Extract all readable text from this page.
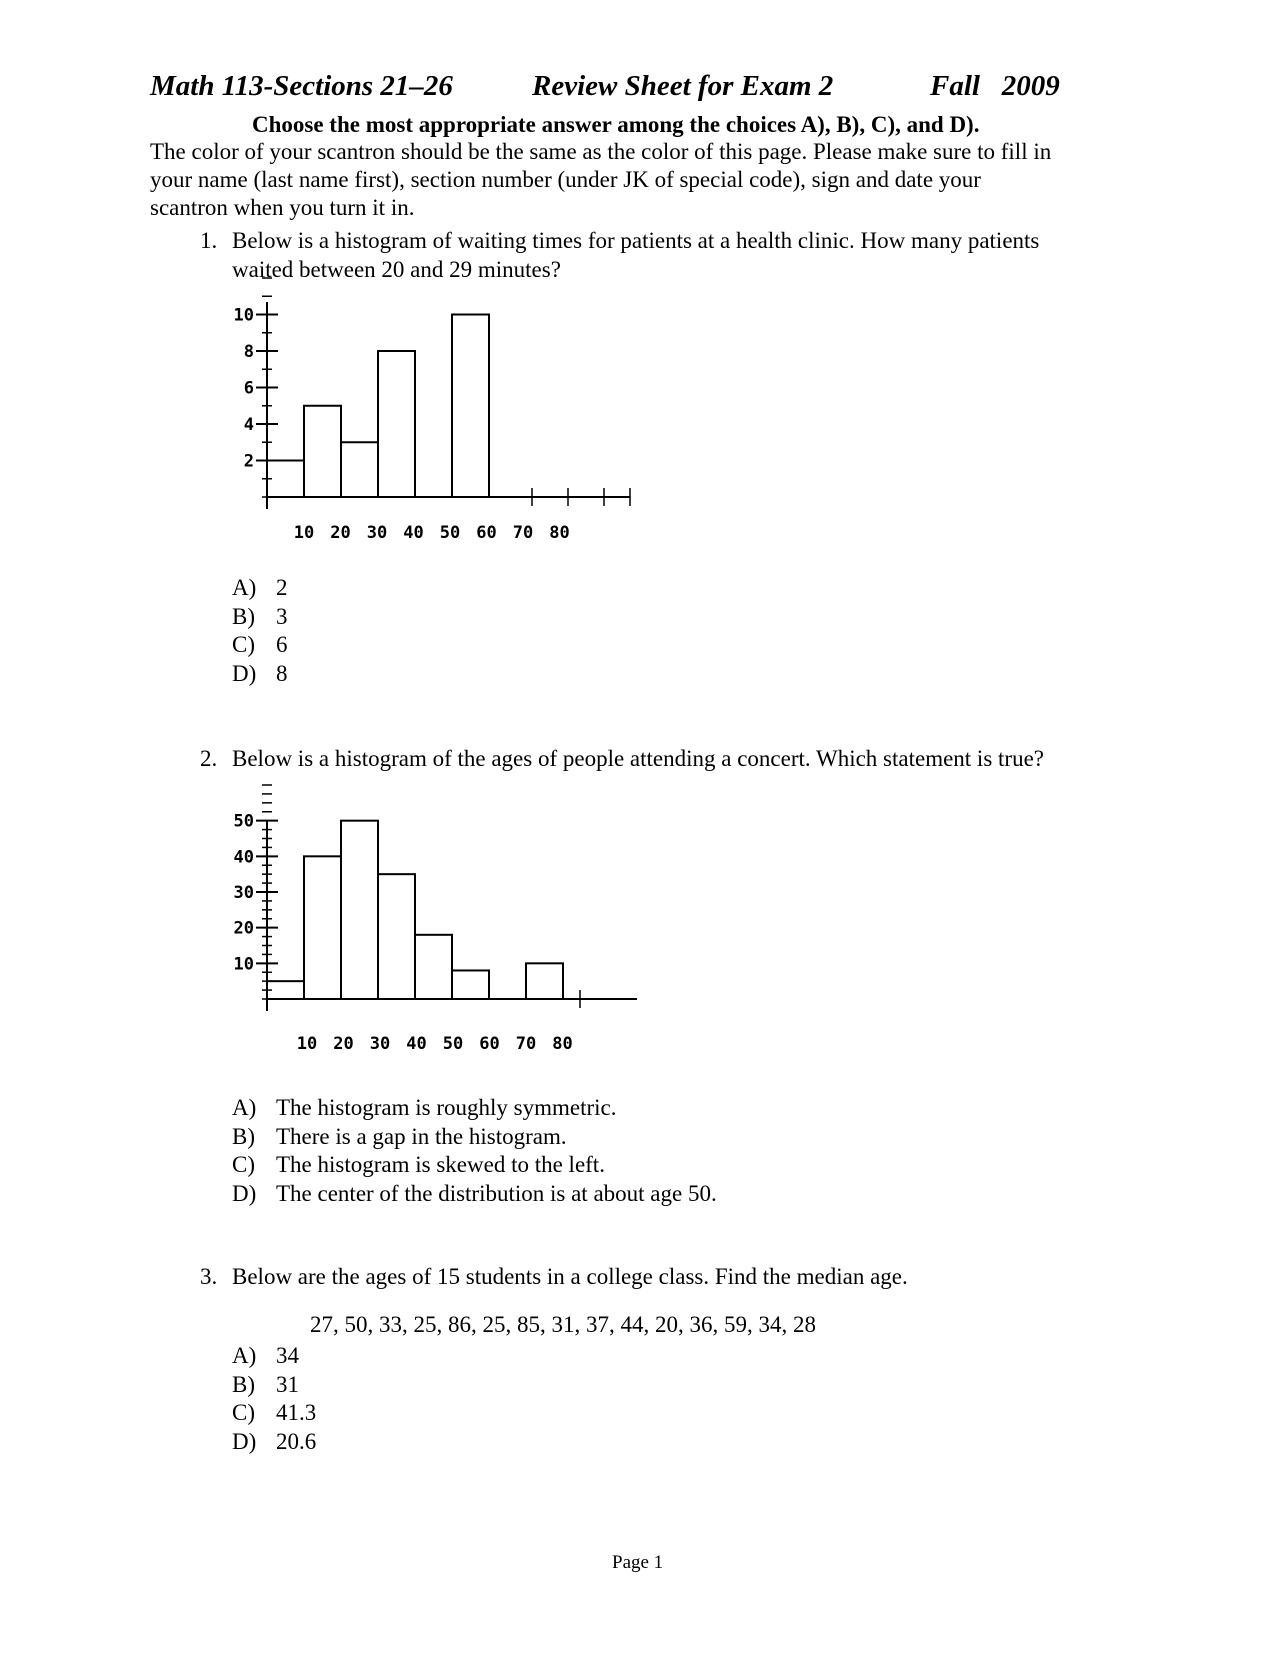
Math 113-Sections 21–26	Review Sheet for Exam 2	Fall   2009
Choose the most appropriate answer among the choices A), B), C), and D).
The color of your scantron should be the same as the color of this page. Please make sure to fill in your name (last name first), section number (under JK of special code), sign and date your scantron when you turn it in.
1. Below is a histogram of waiting times for patients at a health clinic. How many patients waited between 20 and 29 minutes?
2
4
6
8
10
10 20 30 40 50 60 70 80
A) 2
B) 3
C) 6
D) 8
2. Below is a histogram of the ages of people attending a concert. Which statement is true?
10
20
30
40
50
10 20 30 40 50 60 70 80
A) The histogram is roughly symmetric.
B) There is a gap in the histogram.
C) The histogram is skewed to the left.
D) The center of the distribution is at about age 50.
3. Below are the ages of 15 students in a college class. Find the median age.
27, 50, 33, 25, 86, 25, 85, 31, 37, 44, 20, 36, 59, 34, 28
A) 34
B) 31
C) 41.3
D) 20.6
Page 1
